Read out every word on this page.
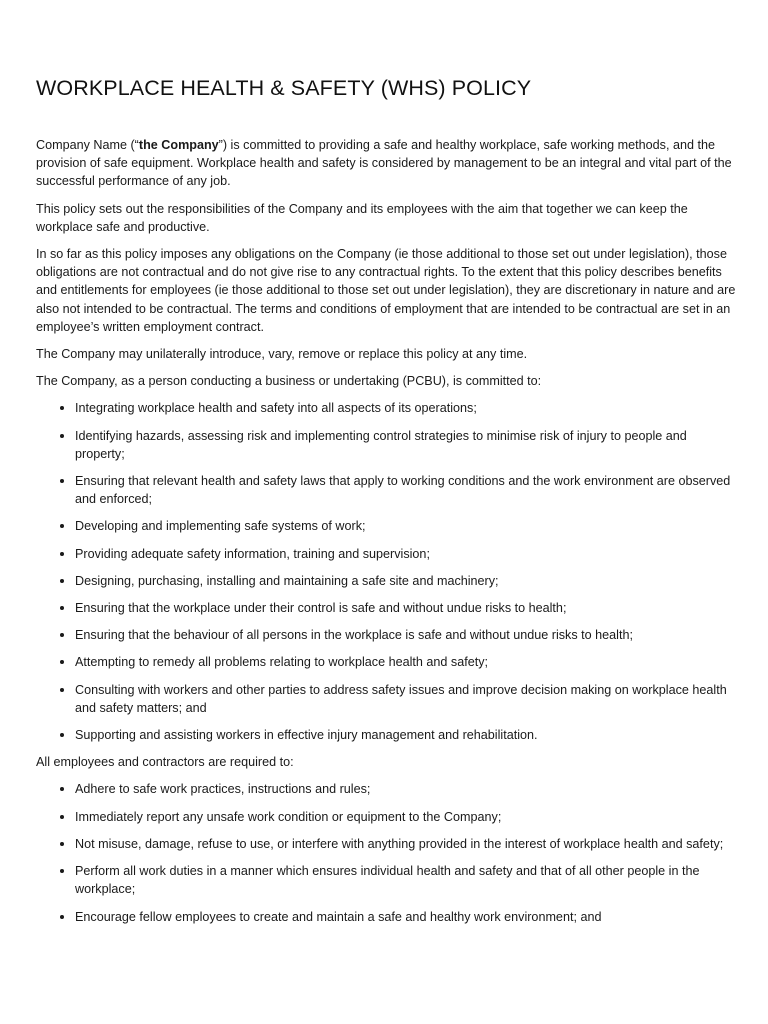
WORKPLACE HEALTH & SAFETY (WHS) POLICY

Company Name (“the Company”) is committed to providing a safe and healthy workplace, safe working methods, and the provision of safe equipment. Workplace health and safety is considered by management to be an integral and vital part of the successful performance of any job.

This policy sets out the responsibilities of the Company and its employees with the aim that together we can keep the workplace safe and productive.

In so far as this policy imposes any obligations on the Company (ie those additional to those set out under legislation), those obligations are not contractual and do not give rise to any contractual rights. To the extent that this policy describes benefits and entitlements for employees (ie those additional to those set out under legislation), they are discretionary in nature and are also not intended to be contractual. The terms and conditions of employment that are intended to be contractual are set in an employee’s written employment contract.

The Company may unilaterally introduce, vary, remove or replace this policy at any time.

The Company, as a person conducting a business or undertaking (PCBU), is committed to:

Integrating workplace health and safety into all aspects of its operations;
Identifying hazards, assessing risk and implementing control strategies to minimise risk of injury to people and property;
Ensuring that relevant health and safety laws that apply to working conditions and the work environment are observed and enforced;
Developing and implementing safe systems of work;
Providing adequate safety information, training and supervision;
Designing, purchasing, installing and maintaining a safe site and machinery;
Ensuring that the workplace under their control is safe and without undue risks to health;
Ensuring that the behaviour of all persons in the workplace is safe and without undue risks to health;
Attempting to remedy all problems relating to workplace health and safety;
Consulting with workers and other parties to address safety issues and improve decision making on workplace health and safety matters; and
Supporting and assisting workers in effective injury management and rehabilitation.

All employees and contractors are required to:

Adhere to safe work practices, instructions and rules;
Immediately report any unsafe work condition or equipment to the Company;
Not misuse, damage, refuse to use, or interfere with anything provided in the interest of workplace health and safety;
Perform all work duties in a manner which ensures individual health and safety and that of all other people in the workplace;
Encourage fellow employees to create and maintain a safe and healthy work environment; and
